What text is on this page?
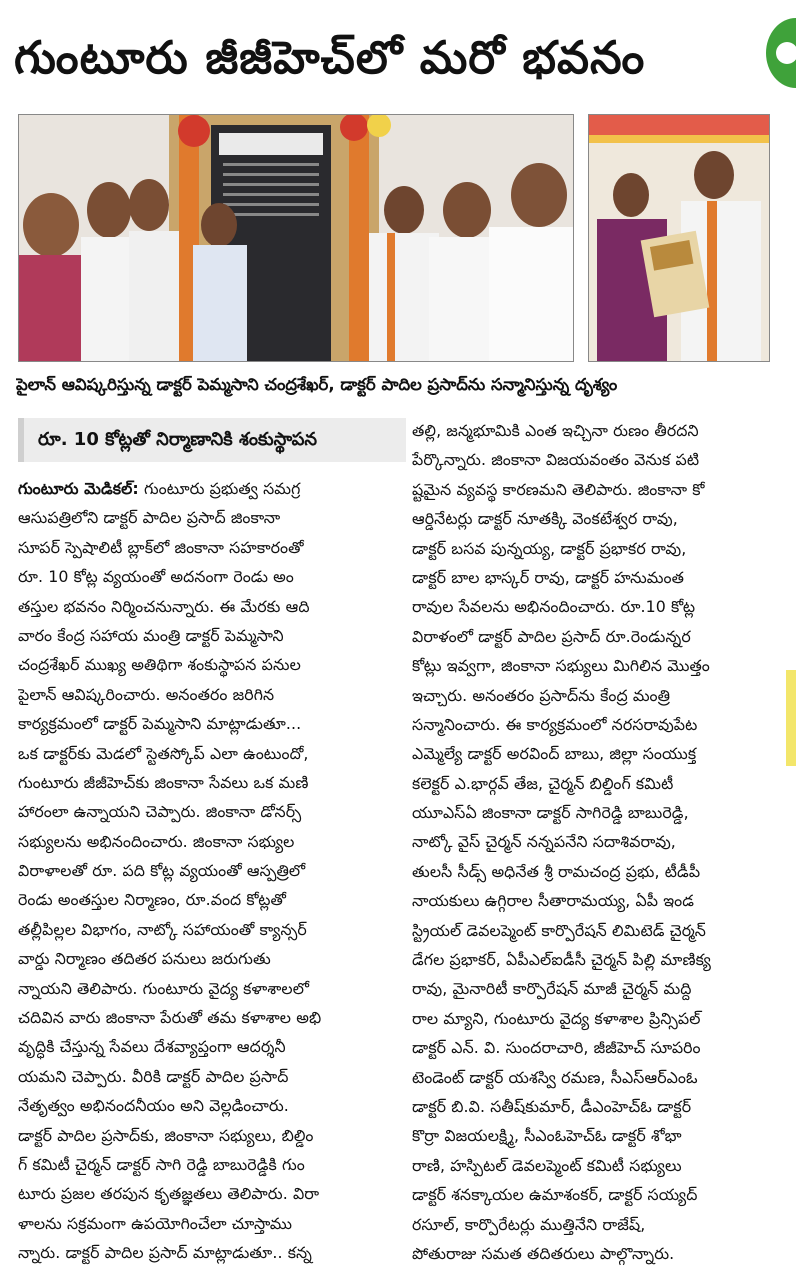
గుంటూరు జీజీహెచ్‌లో మరో భవనం
పైలాన్ ఆవిష్కరిస్తున్న డాక్టర్ పెమ్మసాని చంద్రశేఖర్, డాక్టర్ పాదిల ప్రసాద్‌ను సన్మానిస్తున్న దృశ్యం
రూ. 10 కోట్లతో నిర్మాణానికి శంకుస్థాపన
గుంటూరు మెడికల్: గుంటూరు ప్రభుత్వ సమగ్ర
ఆసుపత్రిలోని డాక్టర్ పాదిల ప్రసాద్ జింకానా
సూపర్ స్పెషాలిటీ బ్లాక్‌లో జింకానా సహకారంతో
రూ. 10 కోట్ల వ్యయంతో అదనంగా రెండు అం
తస్తుల భవనం నిర్మించనున్నారు. ఈ మేరకు ఆది
వారం కేంద్ర సహాయ మంత్రి డాక్టర్ పెమ్మసాని
చంద్రశేఖర్ ముఖ్య అతిథిగా శంకుస్థాపన పనుల
పైలాన్ ఆవిష్కరించారు. అనంతరం జరిగిన
కార్యక్రమంలో డాక్టర్ పెమ్మసాని మాట్లాడుతూ...
ఒక డాక్టర్‌కు మెడలో స్టెతస్కోప్ ఎలా ఉంటుందో,
గుంటూరు జీజీహెచ్‌కు జింకానా సేవలు ఒక మణి
హారంలా ఉన్నాయని చెప్పారు. జింకానా డోనర్స్
సభ్యులను అభినందించారు. జింకానా సభ్యుల
విరాళాలతో రూ. పది కోట్ల వ్యయంతో ఆస్పత్రిలో
రెండు అంతస్తుల నిర్మాణం, రూ.వంద కోట్లతో
తల్లీపిల్లల విభాగం, నాట్కో సహాయంతో క్యాన్సర్
వార్డు నిర్మాణం తదితర పనులు జరుగుతు
న్నాయని తెలిపారు. గుంటూరు వైద్య కళాశాలలో
చదివిన వారు జింకానా పేరుతో తమ కళాశాల అభి
వృద్ధికి చేస్తున్న సేవలు దేశవ్యాప్తంగా ఆదర్శనీ
యమని చెప్పారు. వీరికి డాక్టర్ పాదిల ప్రసాద్
నేతృత్వం అభినందనీయం అని వెల్లడించారు.
డాక్టర్ పాదిల ప్రసాద్‌కు, జింకానా సభ్యులు, బిల్డిం
గ్ కమిటీ చైర్మన్ డాక్టర్ సాగి రెడ్డి బాబురెడ్డికి గుం
టూరు ప్రజల తరపున కృతజ్ఞతలు తెలిపారు. విరా
ళాలను సక్రమంగా ఉపయోగించేలా చూస్తాము
న్నారు. డాక్టర్ పాదిల ప్రసాద్ మాట్లాడుతూ.. కన్న
తల్లి, జన్మభూమికి ఎంత ఇచ్చినా రుణం తీరదని
పేర్కొన్నారు. జింకానా విజయవంతం వెనుక పటి
ష్టమైన వ్యవస్థ కారణమని తెలిపారు. జింకానా కో
ఆర్డినేటర్లు డాక్టర్ నూతక్కి వెంకటేశ్వర రావు,
డాక్టర్ బసవ పున్నయ్య, డాక్టర్ ప్రభాకర రావు,
డాక్టర్ బాల భాస్కర్ రావు, డాక్టర్ హనుమంత
రావుల సేవలను అభినందించారు. రూ.10 కోట్ల
విరాళంలో డాక్టర్ పాదిల ప్రసాద్ రూ.రెండున్నర
కోట్లు ఇవ్వగా, జింకానా సభ్యులు మిగిలిన మొత్తం
ఇచ్చారు. అనంతరం ప్రసాద్‌ను కేంద్ర మంత్రి
సన్మానించారు. ఈ కార్యక్రమంలో నరసరావుపేట
ఎమ్మెల్యే డాక్టర్ అరవింద్ బాబు, జిల్లా సంయుక్త
కలెక్టర్ ఎ.భార్గవ్ తేజ, చైర్మన్ బిల్డింగ్ కమిటీ
యూఎస్ఏ జింకానా డాక్టర్ సాగిరెడ్డి బాబురెడ్డి,
నాట్కో వైస్ చైర్మన్ నన్నపనేని సదాశివరావు,
తులసీ సీడ్స్ అధినేత శ్రీ రామచంద్ర ప్రభు, టీడీపీ
నాయకులు ఉగ్గిరాల సీతారామయ్య, ఏపీ ఇండ
స్ట్రియల్ డెవలప్మెంట్ కార్పొరేషన్ లిమిటెడ్ చైర్మన్
డేగల ప్రభాకర్, ఏపీఎల్ఐడీసీ చైర్మన్ పిల్లి మాణిక్య
రావు, మైనారిటీ కార్పొరేషన్ మాజీ చైర్మన్ మద్ది
రాల మ్యాని, గుంటూరు వైద్య కళాశాల ప్రిన్సిపల్
డాక్టర్ ఎన్. వి. సుందరాచారి, జీజీహెచ్ సూపరిం
టెండెంట్ డాక్టర్ యశస్వి రమణ, సీఎస్ఆర్ఎంఓ
డాక్టర్ బి.వి. సతీష్‌కుమార్, డీఎంహెచ్ఓ డాక్టర్
కొర్రా విజయలక్ష్మి, సీఎంఓహెచ్ఓ డాక్టర్ శోభా
రాణి, హస్పిటల్ డెవలప్మెంట్ కమిటీ సభ్యులు
డాక్టర్ శనక్కాయల ఉమాశంకర్, డాక్టర్ సయ్యద్
రసూల్, కార్పొరేటర్లు ముత్తినేని రాజేష్,
పోతురాజు సమత తదితరులు పాల్గొన్నారు.
